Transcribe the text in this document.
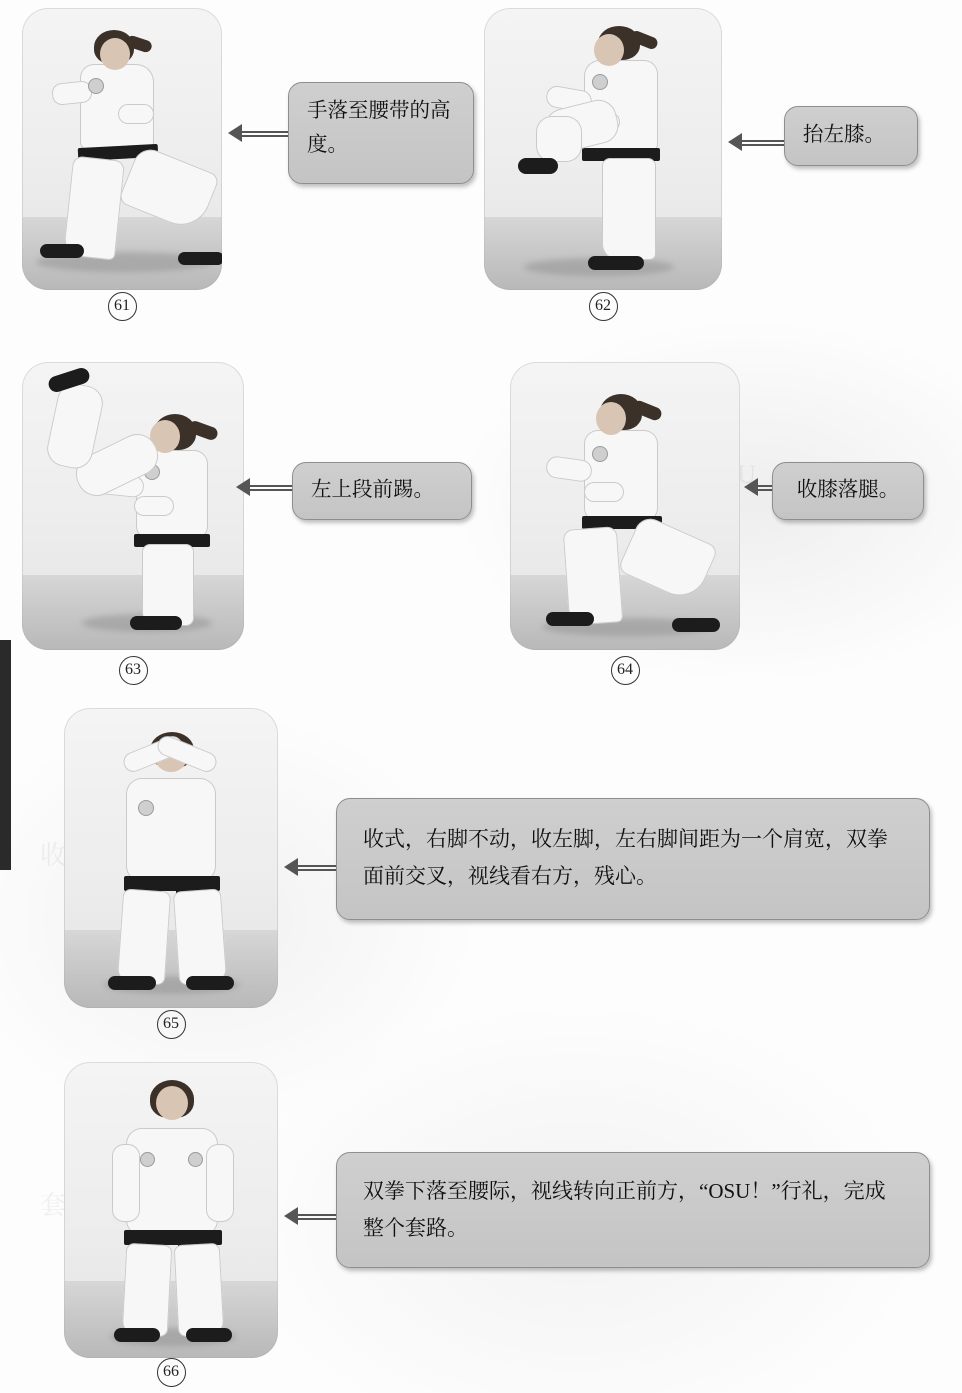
61
手落至腰带的高度。
62
抬左膝。
63
左上段前踢。
64
收膝落腿。
65
收式，右脚不动，收左脚，左右脚间距为一个肩宽，双拳面前交叉，视线看右方，残心。
66
双拳下落至腰际，视线转向正前方，“OSU！”行礼，完成整个套路。
